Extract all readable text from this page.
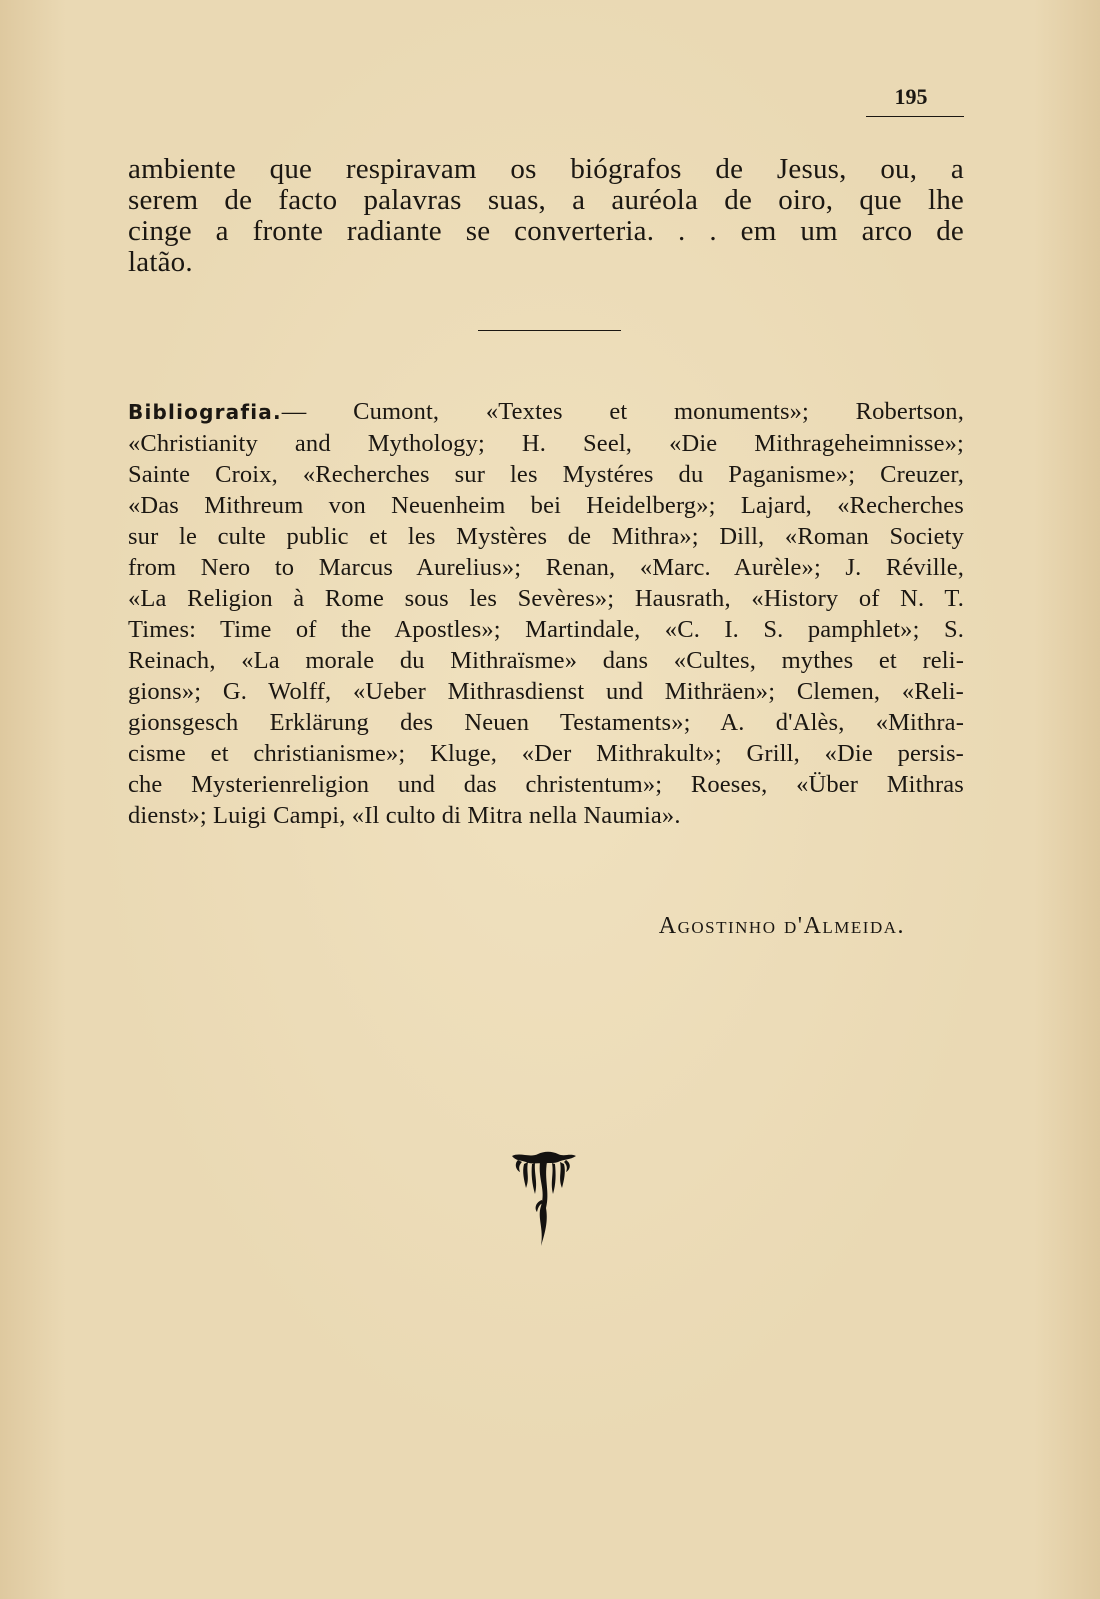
195

ambiente que respiravam os biógrafos de Jesus, ou, a
serem de facto palavras suas, a auréola de oiro, que lhe
cinge a fronte radiante se converteria. . . em um arco de
latão.

Bibliografia.— Cumont, «Textes et monuments»; Robertson,
«Christianity and Mythology; H. Seel, «Die Mithrageheimnisse»;
Sainte Croix, «Recherches sur les Mystéres du Paganisme»; Creuzer,
«Das Mithreum von Neuenheim bei Heidelberg»; Lajard, «Recherches
sur le culte public et les Mystères de Mithra»; Dill, «Roman Society
from Nero to Marcus Aurelius»; Renan, «Marc. Aurèle»; J. Réville,
«La Religion à Rome sous les Sevères»; Hausrath, «History of N. T.
Times: Time of the Apostles»; Martindale, «C. I. S. pamphlet»; S.
Reinach, «La morale du Mithraïsme» dans «Cultes, mythes et reli-
gions»; G. Wolff, «Ueber Mithrasdienst und Mithräen»; Clemen, «Reli-
gionsgesch Erklärung des Neuen Testaments»; A. d'Alès, «Mithra-
cisme et christianisme»; Kluge, «Der Mithrakult»; Grill, «Die persis-
che Mysterienreligion und das christentum»; Roeses, «Über Mithras
dienst»; Luigi Campi, «Il culto di Mitra nella Naumia».
Agostinho d'Almeida.
